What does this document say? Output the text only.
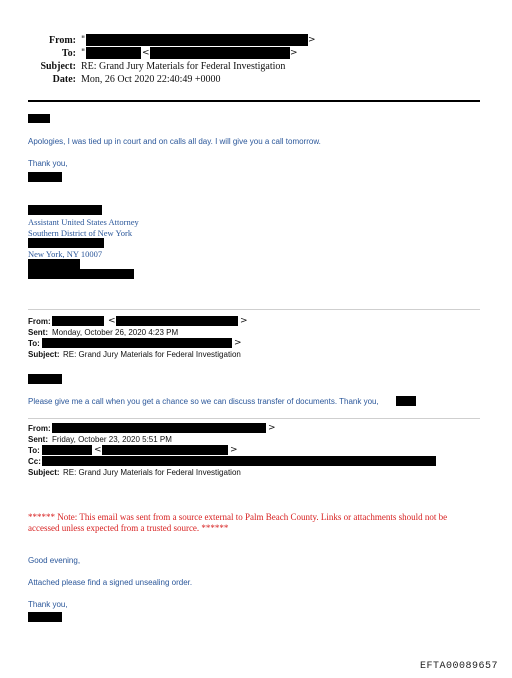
From: "	>
To: "	<	>
Subject: RE: Grand Jury Materials for Federal Investigation
Date: Mon, 26 Oct 2020 22:40:49 +0000
Apologies, I was tied up in court and on calls all day. I will give you a call tomorrow.
Thank you,
Assistant United States Attorney
Southern District of New York
New York, NY 10007
From:	<	>
Sent: Monday, October 26, 2020 4:23 PM
To:	>
Subject: RE: Grand Jury Materials for Federal Investigation
Please give me a call when you get a chance so we can discuss transfer of documents. Thank you,
From:	>
Sent: Friday, October 23, 2020 5:51 PM
To:	<	>
Cc:
Subject: RE: Grand Jury Materials for Federal Investigation
****** Note: This email was sent from a source external to Palm Beach County. Links or attachments should not be accessed unless expected from a trusted source. ******
Good evening,
Attached please find a signed unsealing order.
Thank you,
EFTA00089657
